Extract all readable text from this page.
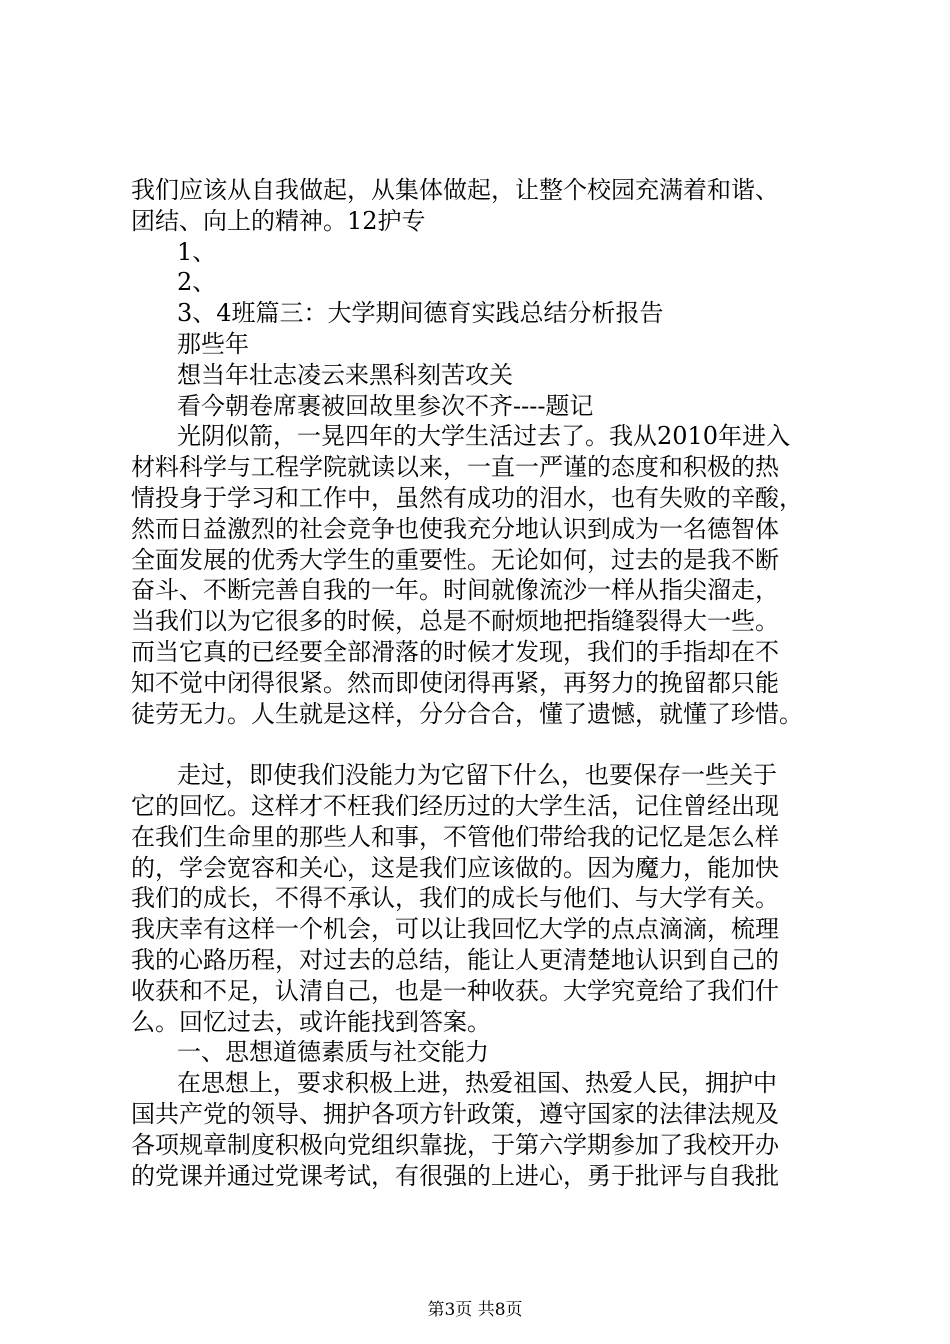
我们应该从自我做起，从集体做起，让整个校园充满着和谐、
团结、向上的精神。12护专
1、
2、
3、4班篇三：大学期间德育实践总结分析报告
那些年
想当年壮志凌云来黑科刻苦攻关
看今朝卷席裹被回故里参次不齐----题记
光阴似箭，一晃四年的大学生活过去了。我从2010年进入
材料科学与工程学院就读以来，一直一严谨的态度和积极的热
情投身于学习和工作中，虽然有成功的泪水，也有失败的辛酸，
然而日益激烈的社会竞争也使我充分地认识到成为一名德智体
全面发展的优秀大学生的重要性。无论如何，过去的是我不断
奋斗、不断完善自我的一年。时间就像流沙一样从指尖溜走，
当我们以为它很多的时候，总是不耐烦地把指缝裂得大一些。
而当它真的已经要全部滑落的时候才发现，我们的手指却在不
知不觉中闭得很紧。然而即使闭得再紧，再努力的挽留都只能
徒劳无力。人生就是这样，分分合合，懂了遗憾，就懂了珍惜。
走过，即使我们没能力为它留下什么，也要保存一些关于
它的回忆。这样才不枉我们经历过的大学生活，记住曾经出现
在我们生命里的那些人和事，不管他们带给我的记忆是怎么样
的，学会宽容和关心，这是我们应该做的。因为魔力，能加快
我们的成长，不得不承认，我们的成长与他们、与大学有关。
我庆幸有这样一个机会，可以让我回忆大学的点点滴滴，梳理
我的心路历程，对过去的总结，能让人更清楚地认识到自己的
收获和不足，认清自己，也是一种收获。大学究竟给了我们什
么。回忆过去，或许能找到答案。
一、思想道德素质与社交能力
在思想上，要求积极上进，热爱祖国、热爱人民，拥护中
国共产党的领导、拥护各项方针政策，遵守国家的法律法规及
各项规章制度积极向党组织靠拢，于第六学期参加了我校开办
的党课并通过党课考试，有很强的上进心，勇于批评与自我批
第3页 共8页
